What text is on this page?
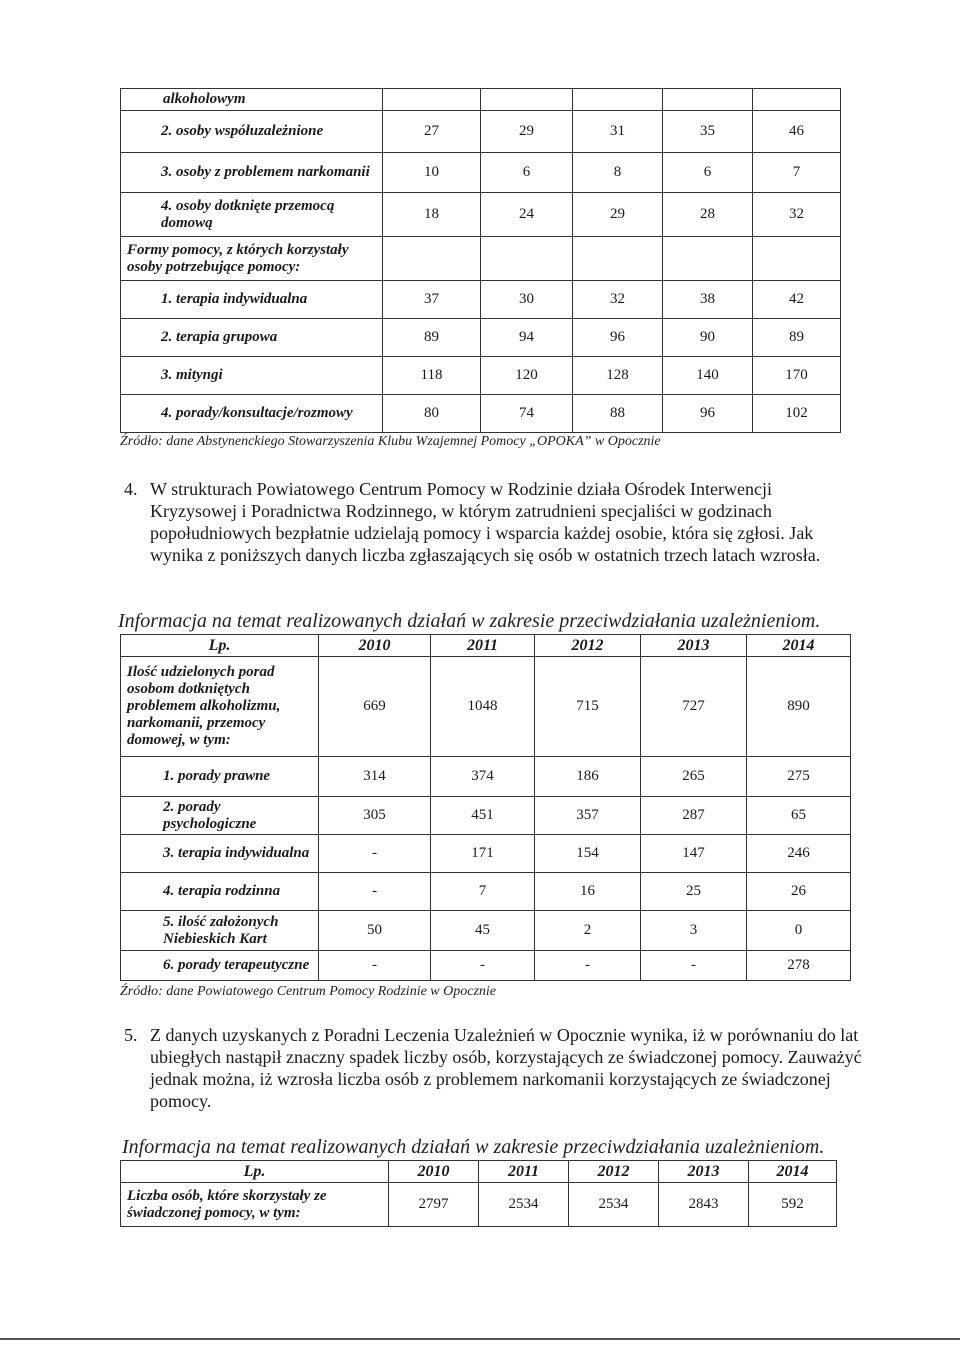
alkoholowym					
2. osoby współuzależnione	27	29	31	35	46
3. osoby z problemem narkomanii	10	6	8	6	7
4. osoby dotknięte przemocą domową	18	24	29	28	32
Formy pomocy, z których korzystały osoby potrzebujące pomocy:					
1. terapia indywidualna	37	30	32	38	42
2. terapia grupowa	89	94	96	90	89
3. mityngi	118	120	128	140	170
4. porady/konsultacje/rozmowy	80	74	88	96	102
Źródło: dane Abstynenckiego Stowarzyszenia Klubu Wzajemnej Pomocy „OPOKA” w Opocznie
4. W strukturach Powiatowego Centrum Pomocy w Rodzinie działa Ośrodek Interwencji Kryzysowej i Poradnictwa Rodzinnego, w którym zatrudnieni specjaliści w godzinach popołudniowych bezpłatnie udzielają pomocy i wsparcia każdej osobie, która się zgłosi. Jak wynika z poniższych danych liczba zgłaszających się osób w ostatnich trzech latach wzrosła.
Informacja na temat realizowanych działań w zakresie przeciwdziałania uzależnieniom.
Lp.	2010	2011	2012	2013	2014
Ilość udzielonych porad osobom dotkniętych problemem alkoholizmu, narkomanii, przemocy domowej, w tym:	669	1048	715	727	890
1. porady prawne	314	374	186	265	275
2. porady psychologiczne	305	451	357	287	65
3. terapia indywidualna	-	171	154	147	246
4. terapia rodzinna	-	7	16	25	26
5. ilość założonych Niebieskich Kart	50	45	2	3	0
6. porady terapeutyczne	-	-	-	-	278
Źródło: dane Powiatowego Centrum Pomocy Rodzinie w Opocznie
5. Z danych uzyskanych z Poradni Leczenia Uzależnień w Opocznie wynika, iż w porównaniu do lat ubiegłych nastąpił znaczny spadek liczby osób, korzystających ze świadczonej pomocy. Zauważyć jednak można, iż wzrosła liczba osób z problemem narkomanii korzystających ze świadczonej pomocy.
Informacja na temat realizowanych działań w zakresie przeciwdziałania uzależnieniom.
Lp.	2010	2011	2012	2013	2014
Liczba osób, które skorzystały ze świadczonej pomocy, w tym:	2797	2534	2534	2843	592
